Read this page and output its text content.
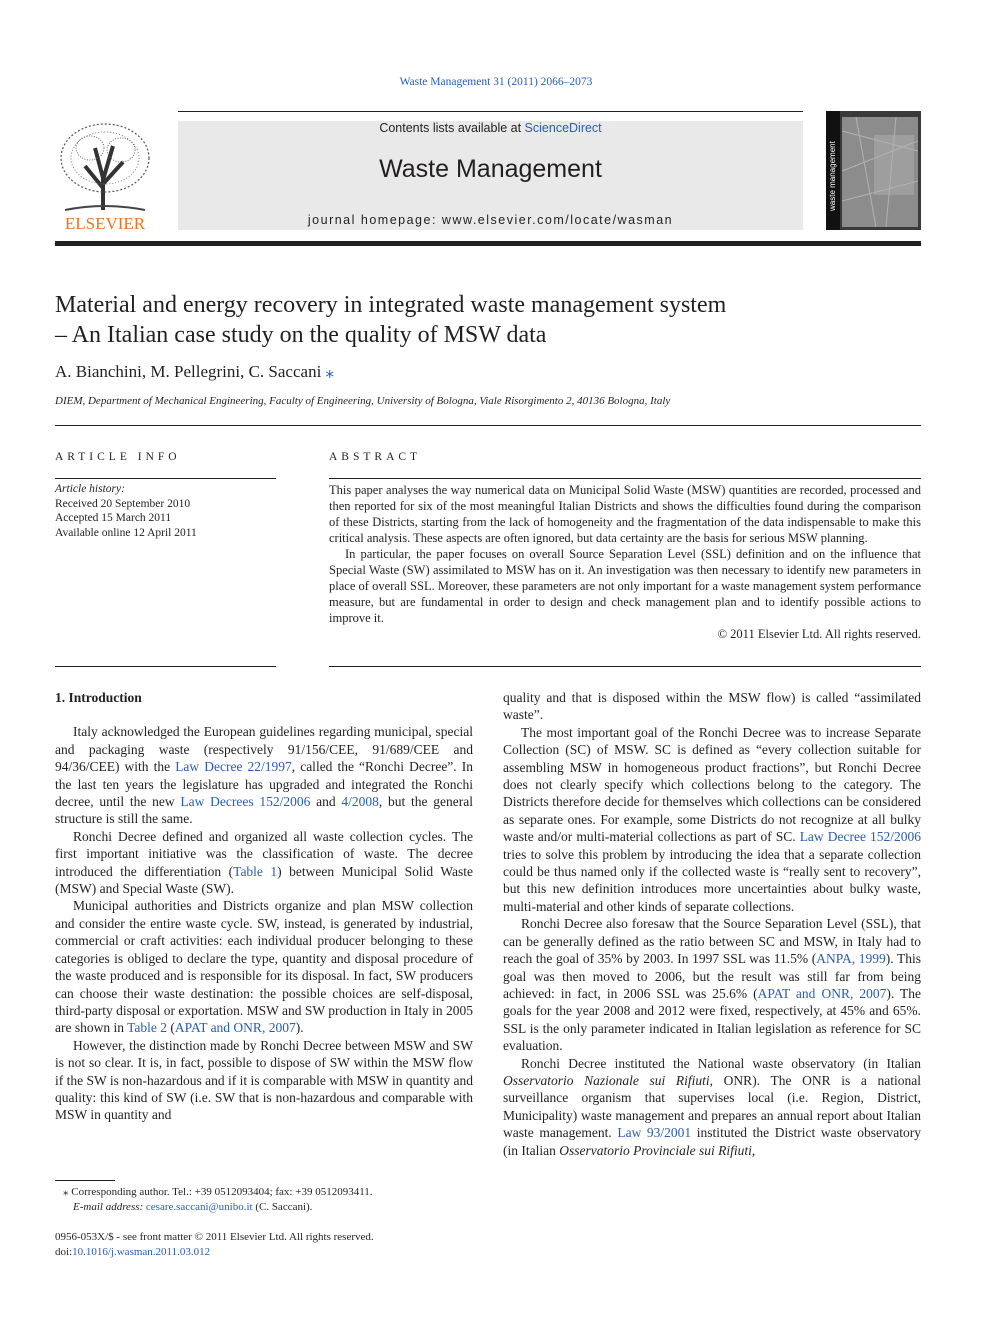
Waste Management 31 (2011) 2066–2073
ELSEVIER
Contents lists available at ScienceDirect
Waste Management
journal homepage: www.elsevier.com/locate/wasman
waste management
Material and energy recovery in integrated waste management system
– An Italian case study on the quality of MSW data
A. Bianchini, M. Pellegrini, C. Saccani ⁎
DIEM, Department of Mechanical Engineering, Faculty of Engineering, University of Bologna, Viale Risorgimento 2, 40136 Bologna, Italy
ARTICLE INFO
Article history:
Received 20 September 2010
Accepted 15 March 2011
Available online 12 April 2011
ABSTRACT

This paper analyses the way numerical data on Municipal Solid Waste (MSW) quantities are recorded, processed and then reported for six of the most meaningful Italian Districts and shows the difficulties found during the comparison of these Districts, starting from the lack of homogeneity and the fragmentation of the data indispensable to make this critical analysis. These aspects are often ignored, but data certainty are the basis for serious MSW planning.

In particular, the paper focuses on overall Source Separation Level (SSL) definition and on the influence that Special Waste (SW) assimilated to MSW has on it. An investigation was then necessary to identify new parameters in place of overall SSL. Moreover, these parameters are not only important for a waste management system performance measure, but are fundamental in order to design and check management plan and to identify possible actions to improve it.

© 2011 Elsevier Ltd. All rights reserved.
1. Introduction

Italy acknowledged the European guidelines regarding municipal, special and packaging waste (respectively 91/156/CEE, 91/689/CEE and 94/36/CEE) with the Law Decree 22/1997, called the “Ronchi Decree”. In the last ten years the legislature has upgraded and integrated the Ronchi decree, until the new Law Decrees 152/2006 and 4/2008, but the general structure is still the same.

Ronchi Decree defined and organized all waste collection cycles. The first important initiative was the classification of waste. The decree introduced the differentiation (Table 1) between Municipal Solid Waste (MSW) and Special Waste (SW).

Municipal authorities and Districts organize and plan MSW collection and consider the entire waste cycle. SW, instead, is generated by industrial, commercial or craft activities: each individual producer belonging to these categories is obliged to declare the type, quantity and disposal procedure of the waste produced and is responsible for its disposal. In fact, SW producers can choose their waste destination: the possible choices are self-disposal, third-party disposal or exportation. MSW and SW production in Italy in 2005 are shown in Table 2 (APAT and ONR, 2007).

However, the distinction made by Ronchi Decree between MSW and SW is not so clear. It is, in fact, possible to dispose of SW within the MSW flow if the SW is non-hazardous and if it is comparable with MSW in quantity and quality: this kind of SW (i.e. SW that is non-hazardous and comparable with MSW in quantity and

quality and that is disposed within the MSW flow) is called “assimilated waste”.

The most important goal of the Ronchi Decree was to increase Separate Collection (SC) of MSW. SC is defined as “every collection suitable for assembling MSW in homogeneous product fractions”, but Ronchi Decree does not clearly specify which collections belong to the category. The Districts therefore decide for themselves which collections can be considered as separate ones. For example, some Districts do not recognize at all bulky waste and/or multi-material collections as part of SC. Law Decree 152/2006 tries to solve this problem by introducing the idea that a separate collection could be thus named only if the collected waste is “really sent to recovery”, but this new definition introduces more uncertainties about bulky waste, multi-material and other kinds of separate collections.

Ronchi Decree also foresaw that the Source Separation Level (SSL), that can be generally defined as the ratio between SC and MSW, in Italy had to reach the goal of 35% by 2003. In 1997 SSL was 11.5% (ANPA, 1999). This goal was then moved to 2006, but the result was still far from being achieved: in fact, in 2006 SSL was 25.6% (APAT and ONR, 2007). The goals for the year 2008 and 2012 were fixed, respectively, at 45% and 65%. SSL is the only parameter indicated in Italian legislation as reference for SC evaluation.

Ronchi Decree instituted the National waste observatory (in Italian Osservatorio Nazionale sui Rifiuti, ONR). The ONR is a national surveillance organism that supervises local (i.e. Region, District, Municipality) waste management and prepares an annual report about Italian waste management. Law 93/2001 instituted the District waste observatory (in Italian Osservatorio Provinciale sui Rifiuti,

⁎ Corresponding author. Tel.: +39 0512093404; fax: +39 0512093411.
E-mail address: cesare.saccani@unibo.it (C. Saccani).
0956-053X/$ - see front matter © 2011 Elsevier Ltd. All rights reserved.
doi:10.1016/j.wasman.2011.03.012
